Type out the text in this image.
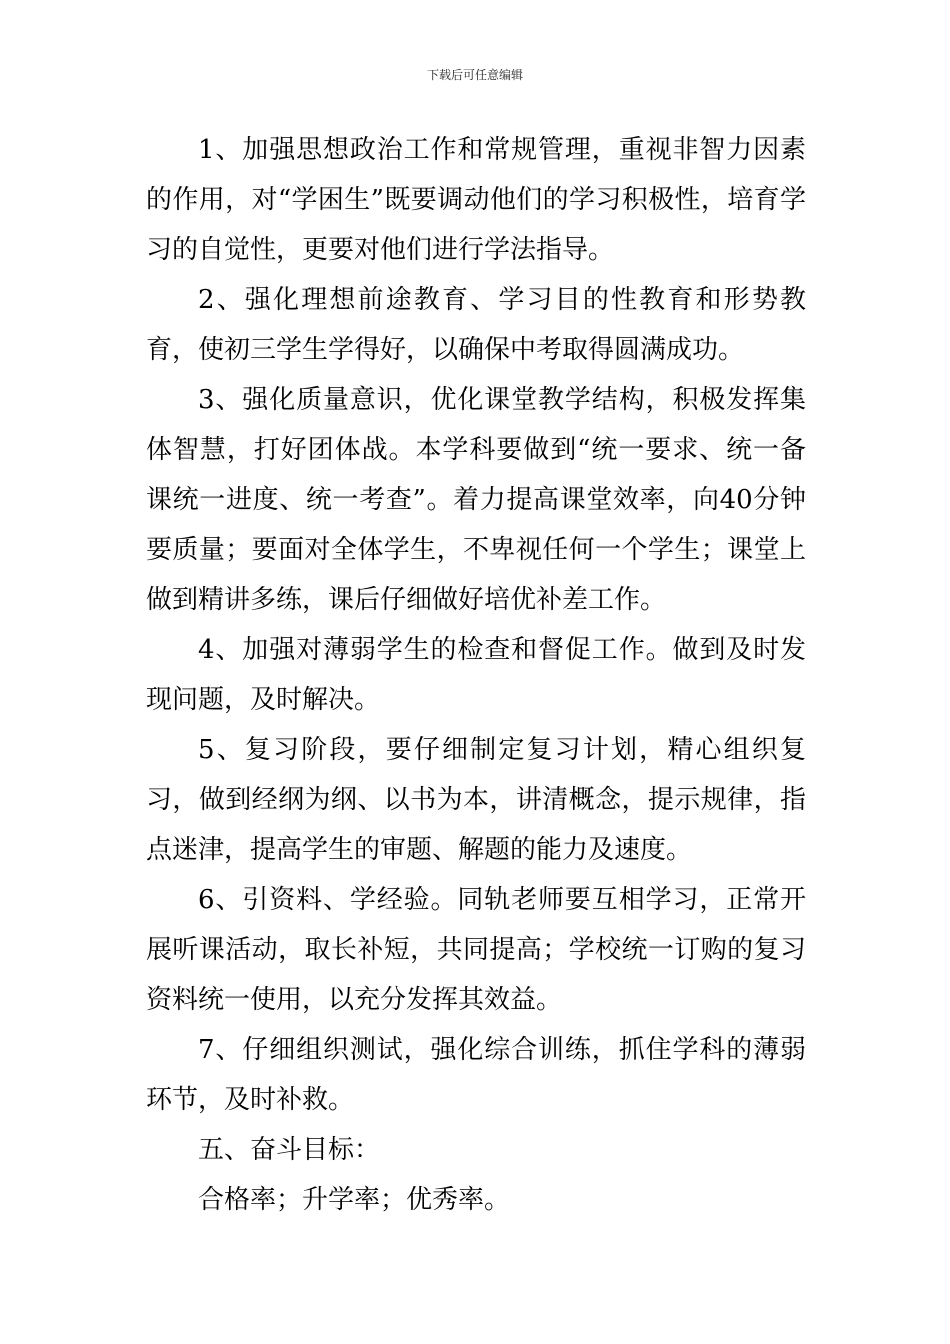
下载后可任意编辑

1、加强思想政治工作和常规管理，重视非智力因素的作用，对“学困生”既要调动他们的学习积极性，培育学习的自觉性，更要对他们进行学法指导。

2、强化理想前途教育、学习目的性教育和形势教育，使初三学生学得好，以确保中考取得圆满成功。

3、强化质量意识，优化课堂教学结构，积极发挥集体智慧，打好团体战。本学科要做到“统一要求、统一备课统一进度、统一考查”。着力提高课堂效率，向40分钟要质量；要面对全体学生，不卑视任何一个学生；课堂上做到精讲多练，课后仔细做好培优补差工作。

4、加强对薄弱学生的检查和督促工作。做到及时发现问题，及时解决。

5、复习阶段，要仔细制定复习计划，精心组织复习，做到经纲为纲、以书为本，讲清概念，提示规律，指点迷津，提高学生的审题、解题的能力及速度。

6、引资料、学经验。同轨老师要互相学习，正常开展听课活动，取长补短，共同提高；学校统一订购的复习资料统一使用，以充分发挥其效益。

7、仔细组织测试，强化综合训练，抓住学科的薄弱环节，及时补救。

五、奋斗目标：

合格率；升学率；优秀率。
